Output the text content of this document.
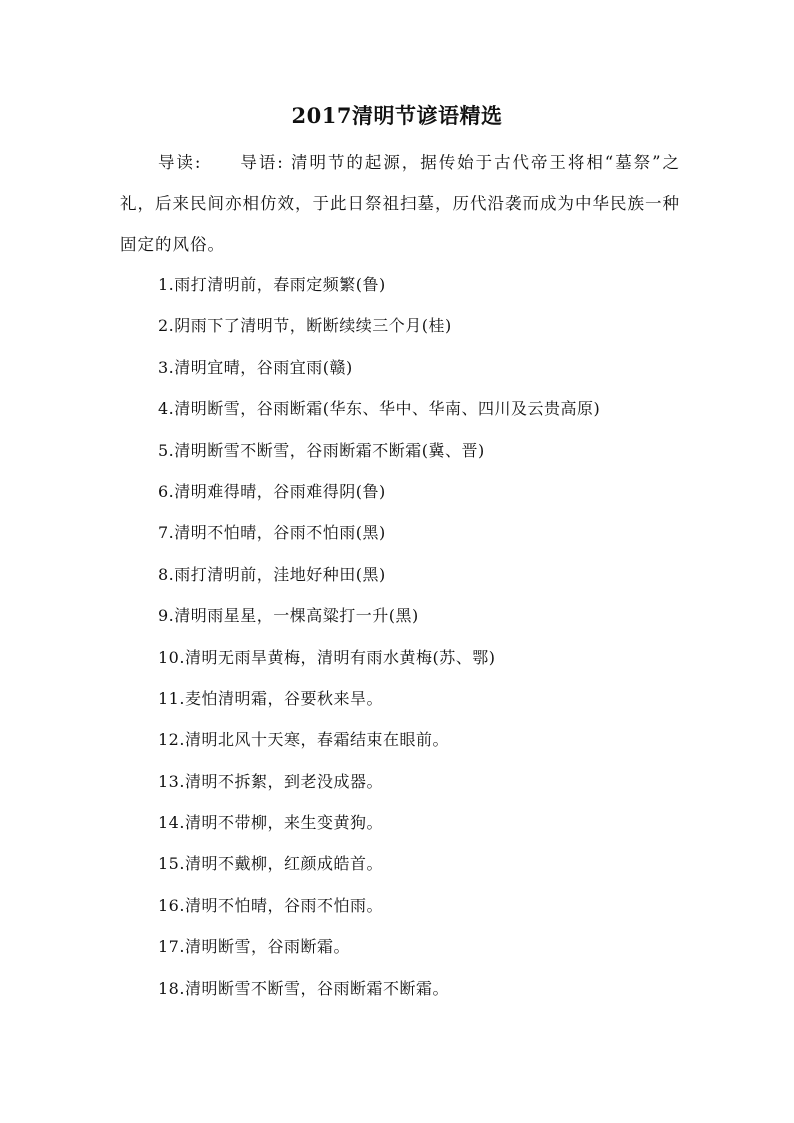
2017清明节谚语精选
导读: 导语: 清明节的起源，据传始于古代帝王将相“墓祭”之礼，后来民间亦相仿效，于此日祭祖扫墓，历代沿袭而成为中华民族一种固定的风俗。
1.雨打清明前，春雨定频繁(鲁)
2.阴雨下了清明节，断断续续三个月(桂)
3.清明宜晴，谷雨宜雨(赣)
4.清明断雪，谷雨断霜(华东、华中、华南、四川及云贵高原)
5.清明断雪不断雪，谷雨断霜不断霜(冀、晋)
6.清明难得晴，谷雨难得阴(鲁)
7.清明不怕晴，谷雨不怕雨(黑)
8.雨打清明前，洼地好种田(黑)
9.清明雨星星，一棵高粱打一升(黑)
10.清明无雨旱黄梅，清明有雨水黄梅(苏、鄂)
11.麦怕清明霜，谷要秋来旱。
12.清明北风十天寒，春霜结束在眼前。
13.清明不拆絮，到老没成器。
14.清明不带柳，来生变黄狗。
15.清明不戴柳，红颜成皓首。
16.清明不怕晴，谷雨不怕雨。
17.清明断雪，谷雨断霜。
18.清明断雪不断雪，谷雨断霜不断霜。
